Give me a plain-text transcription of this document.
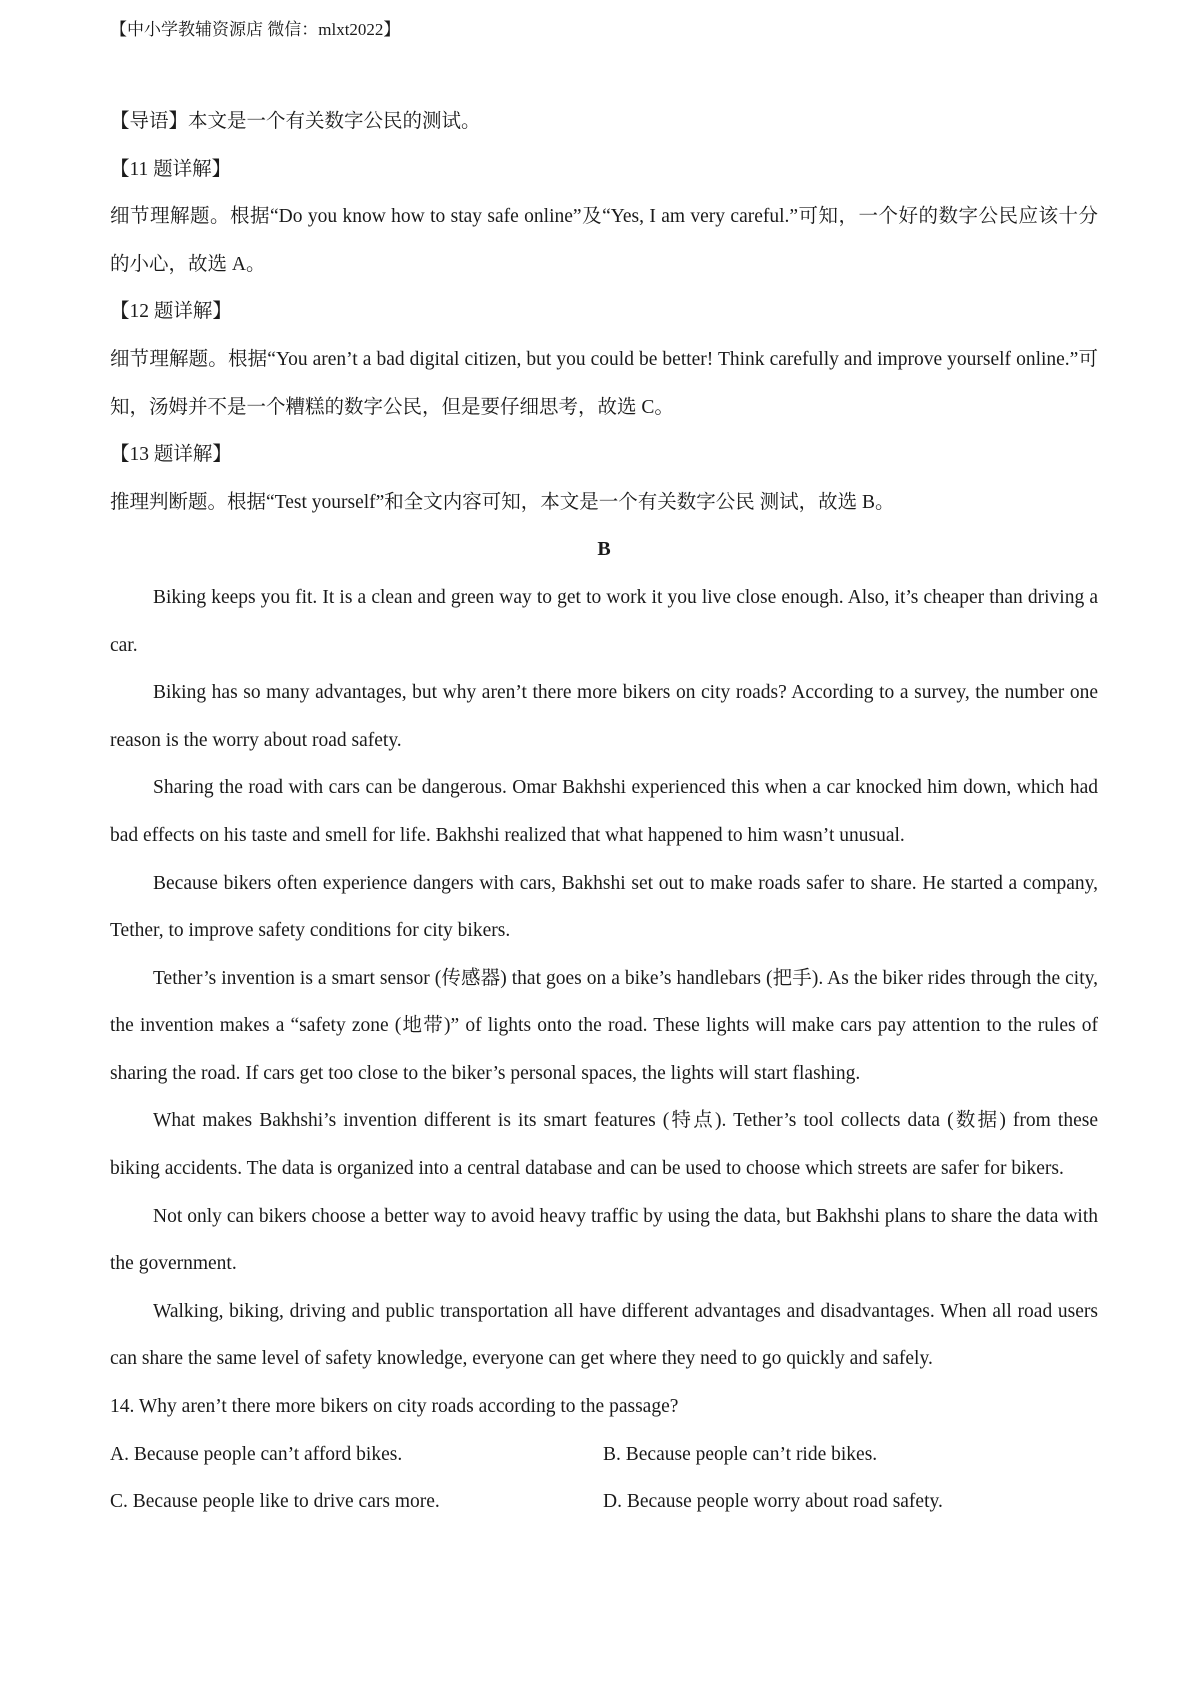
【中小学教辅资源店 微信：mlxt2022】

【导语】本文是一个有关数字公民的测试。

【11 题详解】

细节理解题。根据“Do you know how to stay safe online”及“Yes, I am very careful.”可知，一个好的数字公民应该十分的小心，故选 A。

【12 题详解】

细节理解题。根据“You aren’t a bad digital citizen, but you could be better! Think carefully and improve yourself online.”可知，汤姆并不是一个糟糕的数字公民，但是要仔细思考，故选 C。

【13 题详解】

推理判断题。根据“Test yourself”和全文内容可知，本文是一个有关数字公民 测试，故选 B。

B

Biking keeps you fit. It is a clean and green way to get to work it you live close enough. Also, it’s cheaper than driving a car.

Biking has so many advantages, but why aren’t there more bikers on city roads? According to a survey, the number one reason is the worry about road safety.

Sharing the road with cars can be dangerous. Omar Bakhshi experienced this when a car knocked him down, which had bad effects on his taste and smell for life. Bakhshi realized that what happened to him wasn’t unusual.

Because bikers often experience dangers with cars, Bakhshi set out to make roads safer to share. He started a company, Tether, to improve safety conditions for city bikers.

Tether’s invention is a smart sensor (传感器) that goes on a bike’s handlebars (把手). As the biker rides through the city, the invention makes a “safety zone (地带)” of lights onto the road. These lights will make cars pay attention to the rules of sharing the road. If cars get too close to the biker’s personal spaces, the lights will start flashing.

What makes Bakhshi’s invention different is its smart features (特点). Tether’s tool collects data (数据) from these biking accidents. The data is organized into a central database and can be used to choose which streets are safer for bikers.

Not only can bikers choose a better way to avoid heavy traffic by using the data, but Bakhshi plans to share the data with the government.

Walking, biking, driving and public transportation all have different advantages and disadvantages. When all road users can share the same level of safety knowledge, everyone can get where they need to go quickly and safely.

14. Why aren’t there more bikers on city roads according to the passage?

A. Because people can’t afford bikes.	B. Because people can’t ride bikes.
C. Because people like to drive cars more.	D. Because people worry about road safety.
